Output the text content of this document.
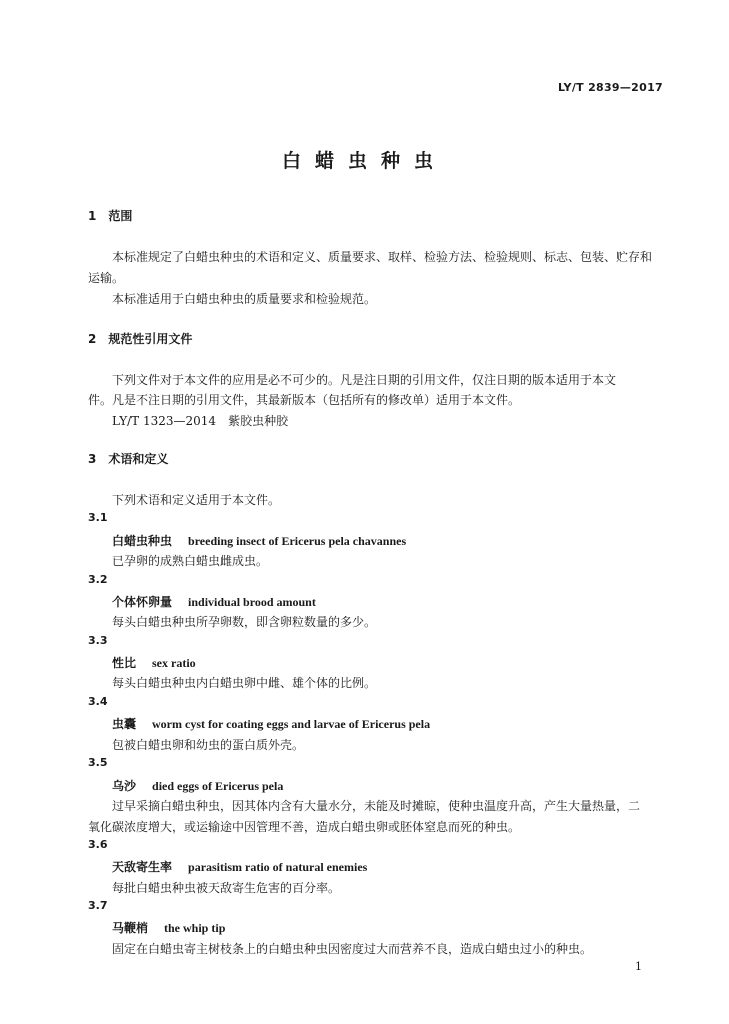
LY/T 2839—2017
白蜡虫种虫
1　范围
本标准规定了白蜡虫种虫的术语和定义、质量要求、取样、检验方法、检验规则、标志、包装、贮存和
运输。
本标准适用于白蜡虫种虫的质量要求和检验规范。
2　规范性引用文件
下列文件对于本文件的应用是必不可少的。凡是注日期的引用文件，仅注日期的版本适用于本文
件。凡是不注日期的引用文件，其最新版本（包括所有的修改单）适用于本文件。
LY/T 1323—2014　紫胶虫种胶
3　术语和定义
下列术语和定义适用于本文件。
3.1
白蜡虫种虫 breeding insect of Ericerus pela chavannes
已孕卵的成熟白蜡虫雌成虫。
3.2
个体怀卵量 individual brood amount
每头白蜡虫种虫所孕卵数，即含卵粒数量的多少。
3.3
性比 sex ratio
每头白蜡虫种虫内白蜡虫卵中雌、雄个体的比例。
3.4
虫囊 worm cyst for coating eggs and larvae of Ericerus pela
包被白蜡虫卵和幼虫的蛋白质外壳。
3.5
乌沙 died eggs of Ericerus pela
过早采摘白蜡虫种虫，因其体内含有大量水分，未能及时摊晾，使种虫温度升高，产生大量热量，二
氧化碳浓度增大，或运输途中因管理不善，造成白蜡虫卵或胚体窒息而死的种虫。
3.6
天敌寄生率 parasitism ratio of natural enemies
每批白蜡虫种虫被天敌寄生危害的百分率。
3.7
马鞭梢 the whip tip
固定在白蜡虫寄主树枝条上的白蜡虫种虫因密度过大而营养不良，造成白蜡虫过小的种虫。
1
